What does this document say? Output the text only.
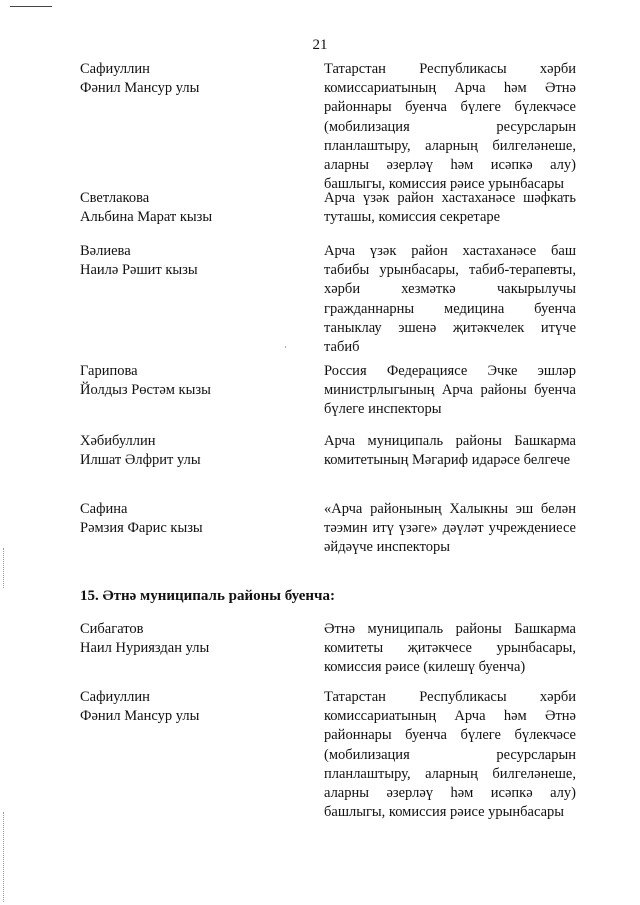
21
Сафиуллин
Фәнил Мансур улы
Татарстан Республикасы хәрби комиссариатының Арча һәм Әтнә районнары буенча бүлеге бүлекчәсе (мобилизация ресурсларын планлаштыру, аларның билгеләнеше, аларны әзерләү һәм исәпкә алу) башлыгы, комиссия рәисе урынбасары
Светлакова
Альбина Марат кызы
Арча үзәк район хастаханәсе шәфкать туташы, комиссия секретаре
Вәлиева
Наилә Рәшит кызы
Арча үзәк район хастаханәсе баш табибы урынбасары, табиб-терапевты, хәрби хезмәткә чакырылучы гражданнарны медицина буенча таныклау эшенә җитәкчелек итүче табиб
Гарипова
Йолдыз Рөстәм кызы
Россия Федерациясе Эчке эшләр министрлыгының Арча районы буенча бүлеге инспекторы
Хәбибуллин
Илшат Әлфрит улы
Арча муниципаль районы Башкарма комитетының Мәгариф идарәсе белгече
Сафина
Рәмзия Фарис кызы
«Арча районының Халыкны эш белән тәэмин итү үзәге» дәүләт учреждениесе әйдәүче инспекторы
15. Әтнә муниципаль районы буенча:
Сибагатов
Наил Нурияздан улы
Әтнә муниципаль районы Башкарма комитеты җитәкчесе урынбасары, комиссия рәисе (килешү буенча)
Сафиуллин
Фәнил Мансур улы
Татарстан Республикасы хәрби комиссариатының Арча һәм Әтнә районнары буенча бүлеге бүлекчәсе (мобилизация ресурсларын планлаштыру, аларның билгеләнеше, аларны әзерләү һәм исәпкә алу) башлыгы, комиссия рәисе урынбасары
